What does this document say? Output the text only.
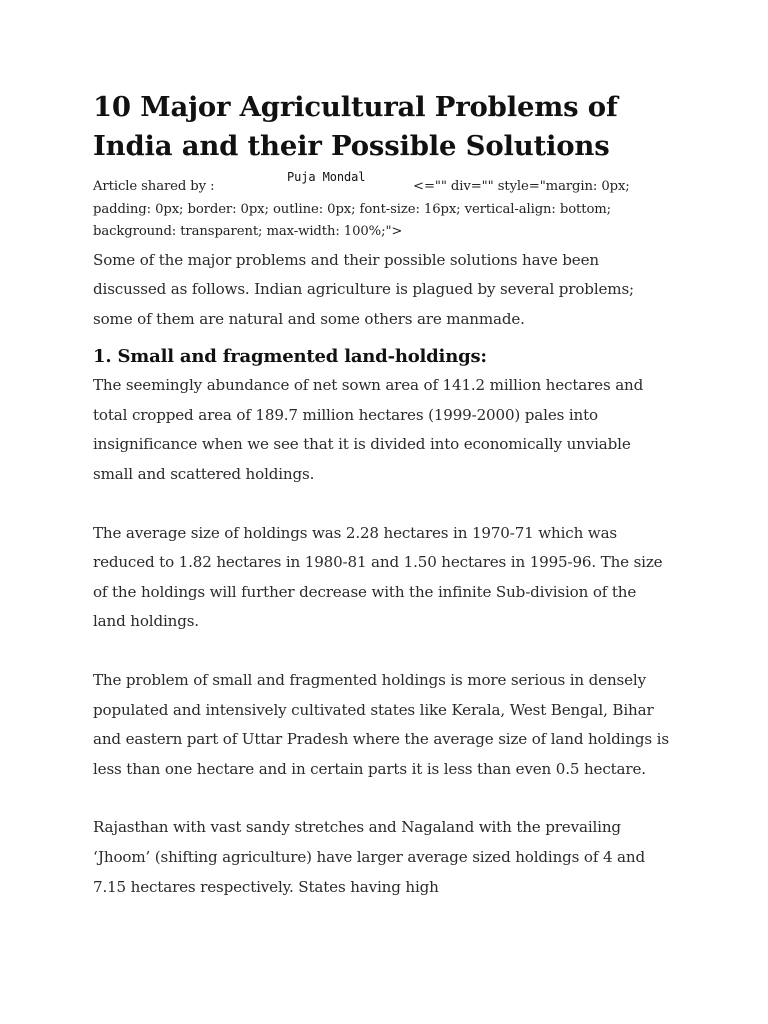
10 Major Agricultural Problems of India and their Possible Solutions
Article shared by :	<="" div="" style="margin: 0px; padding: 0px; border: 0px; outline: 0px; font-size: 16px; vertical-align: bottom; background: transparent; max-width: 100%;">
Puja Mondal

Some of the major problems and their possible solutions have been discussed as follows. Indian agriculture is plagued by several problems; some of them are natural and some others are manmade.

1. Small and fragmented land-holdings:

The seemingly abundance of net sown area of 141.2 million hectares and total cropped area of 189.7 million hectares (1999-2000) pales into insignificance when we see that it is divided into economically unviable small and scattered holdings.

The average size of holdings was 2.28 hectares in 1970-71 which was reduced to 1.82 hectares in 1980-81 and 1.50 hectares in 1995-96. The size of the holdings will further decrease with the infinite Sub-division of the land holdings.

The problem of small and fragmented holdings is more serious in densely populated and intensively cultivated states like Kerala, West Bengal, Bihar and eastern part of Uttar Pradesh where the average size of land holdings is less than one hectare and in certain parts it is less than even 0.5 hectare.

Rajasthan with vast sandy stretches and Nagaland with the prevailing ‘Jhoom’ (shifting agriculture) have larger average sized holdings of 4 and 7.15 hectares respectively. States having high
